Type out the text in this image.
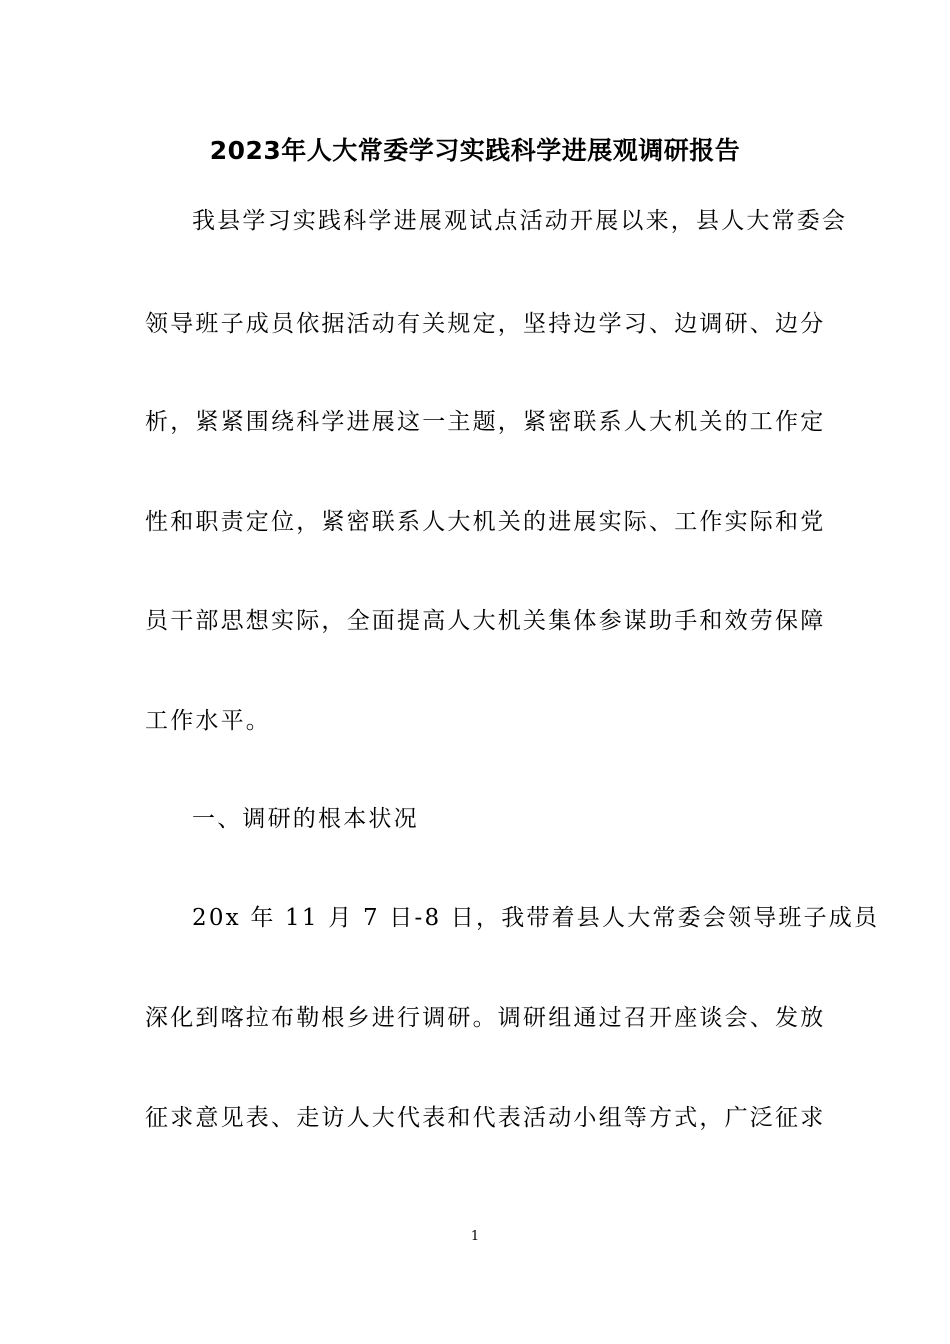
2023年人大常委学习实践科学进展观调研报告
我县学习实践科学进展观试点活动开展以来，县人大常委会
领导班子成员依据活动有关规定，坚持边学习、边调研、边分
析，紧紧围绕科学进展这一主题，紧密联系人大机关的工作定
性和职责定位，紧密联系人大机关的进展实际、工作实际和党
员干部思想实际，全面提高人大机关集体参谋助手和效劳保障
工作水平。
一、调研的根本状况
20x 年 11 月 7 日-8 日，我带着县人大常委会领导班子成员
深化到喀拉布勒根乡进行调研。调研组通过召开座谈会、发放
征求意见表、走访人大代表和代表活动小组等方式，广泛征求
1
